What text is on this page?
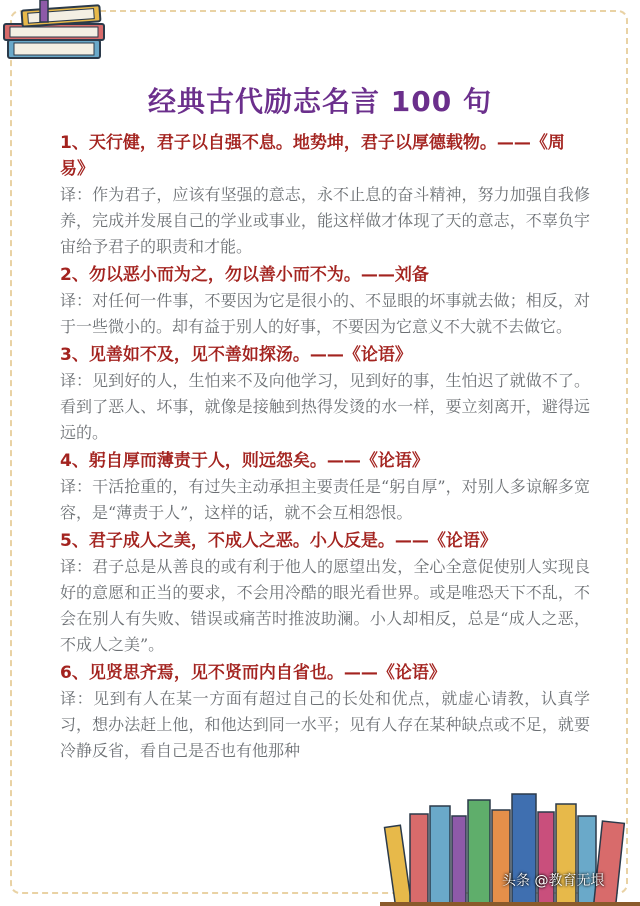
经典古代励志名言 100 句

1、天行健，君子以自强不息。地势坤，君子以厚德载物。——《周易》

译：作为君子，应该有坚强的意志，永不止息的奋斗精神，努力加强自我修养，完成并发展自己的学业或事业，能这样做才体现了天的意志，不辜负宇宙给予君子的职责和才能。

2、勿以恶小而为之，勿以善小而不为。——刘备

译：对任何一件事，不要因为它是很小的、不显眼的坏事就去做；相反，对于一些微小的。却有益于别人的好事，不要因为它意义不大就不去做它。

3、见善如不及，见不善如探汤。——《论语》

译：见到好的人，生怕来不及向他学习，见到好的事，生怕迟了就做不了。看到了恶人、坏事，就像是接触到热得发烫的水一样，要立刻离开，避得远远的。

4、躬自厚而薄责于人，则远怨矣。——《论语》

译：干活抢重的，有过失主动承担主要责任是“躬自厚”，对别人多谅解多宽容，是“薄责于人”，这样的话，就不会互相怨恨。

5、君子成人之美，不成人之恶。小人反是。——《论语》

译：君子总是从善良的或有利于他人的愿望出发，全心全意促使别人实现良好的意愿和正当的要求，不会用冷酷的眼光看世界。或是唯恐天下不乱，不会在别人有失败、错误或痛苦时推波助澜。小人却相反，总是“成人之恶，不成人之美”。

6、见贤思齐焉，见不贤而内自省也。——《论语》

译：见到有人在某一方面有超过自己的长处和优点，就虚心请教，认真学习，想办法赶上他，和他达到同一水平；见有人存在某种缺点或不足，就要冷静反省，看自己是否也有他那种

头条 @教育无垠
